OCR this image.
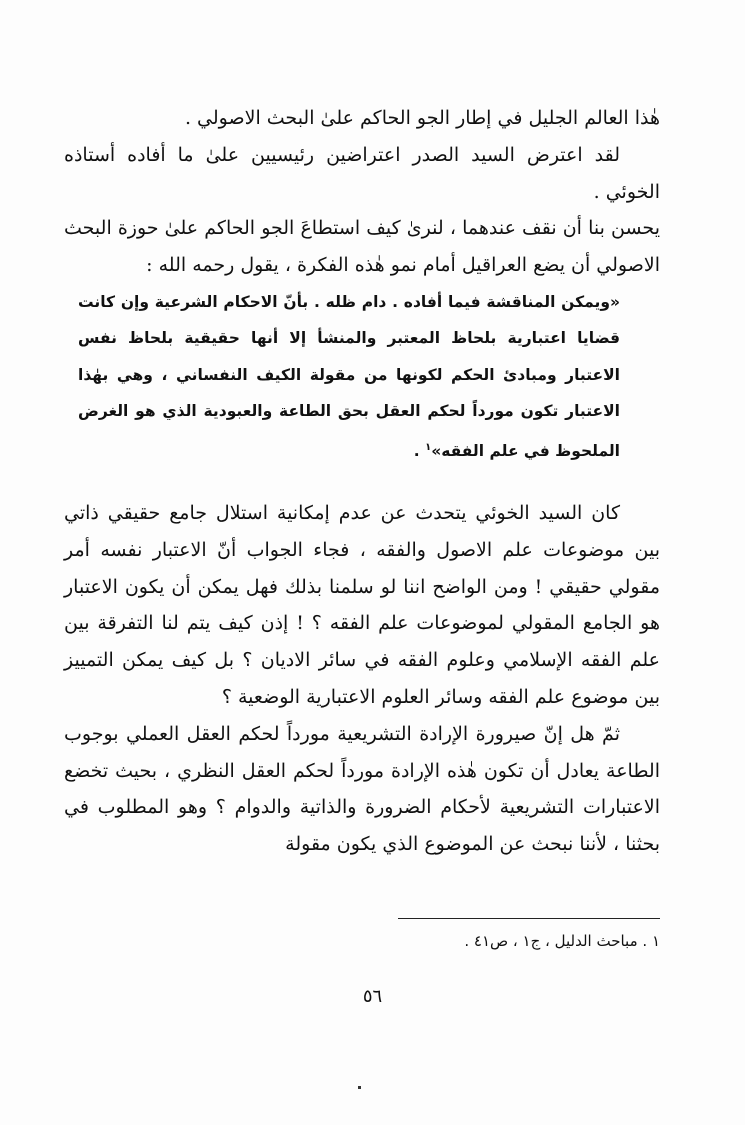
هٰذا العالم الجليل في إطار الجو الحاكم علىٰ البحث الاصولي .

لقد اعترض السيد الصدر اعتراضين رئيسيين علىٰ ما أفاده أستاذه الخوئي .

يحسن بنا أن نقف عندهما ، لنرىٰ كيف استطاعَ الجو الحاكم علىٰ حوزة البحث الاصولي أن يضع العراقيل أمام نمو هٰذه الفكرة ، يقول رحمه الله :

«ويمكن المناقشة فيما أفاده . دام ظله . بأنّ الاحكام الشرعية وإن كانت قضايا اعتبارية بلحاظ المعتبر والمنشأ إلا أنها حقيقية بلحاظ نفس الاعتبار ومبادئ الحكم لكونها من مقولة الكيف النفساني ، وهي بهٰذا الاعتبار تكون مورداً لحكم العقل بحق الطاعة والعبودية الذي هو الغرض الملحوظ في علم الفقه»$^١$ .

كان السيد الخوئي يتحدث عن عدم إمكانية استلال جامع حقيقي ذاتي بين موضوعات علم الاصول والفقه ، فجاء الجواب أنّ الاعتبار نفسه أمر مقولي حقيقي ! ومن الواضح اننا لو سلمنا بذلك فهل يمكن أن يكون الاعتبار هو الجامع المقولي لموضوعات علم الفقه ؟ ! إذن كيف يتم لنا التفرقة بين علم الفقه الإسلامي وعلوم الفقه في سائر الاديان ؟ بل كيف يمكن التمييز بين موضوع علم الفقه وسائر العلوم الاعتبارية الوضعية ؟

ثمّ هل إنّ صيرورة الإرادة التشريعية مورداً لحكم العقل العملي بوجوب الطاعة يعادل أن تكون هٰذه الإرادة مورداً لحكم العقل النظري ، بحيث تخضع الاعتبارات التشريعية لأحكام الضرورة والذاتية والدوام ؟ وهو المطلوب في بحثنا ، لأننا نبحث عن الموضوع الذي يكون مقولة

١ . مباحث الدليل ، ج١ ، ص٤١ .
٥٦
